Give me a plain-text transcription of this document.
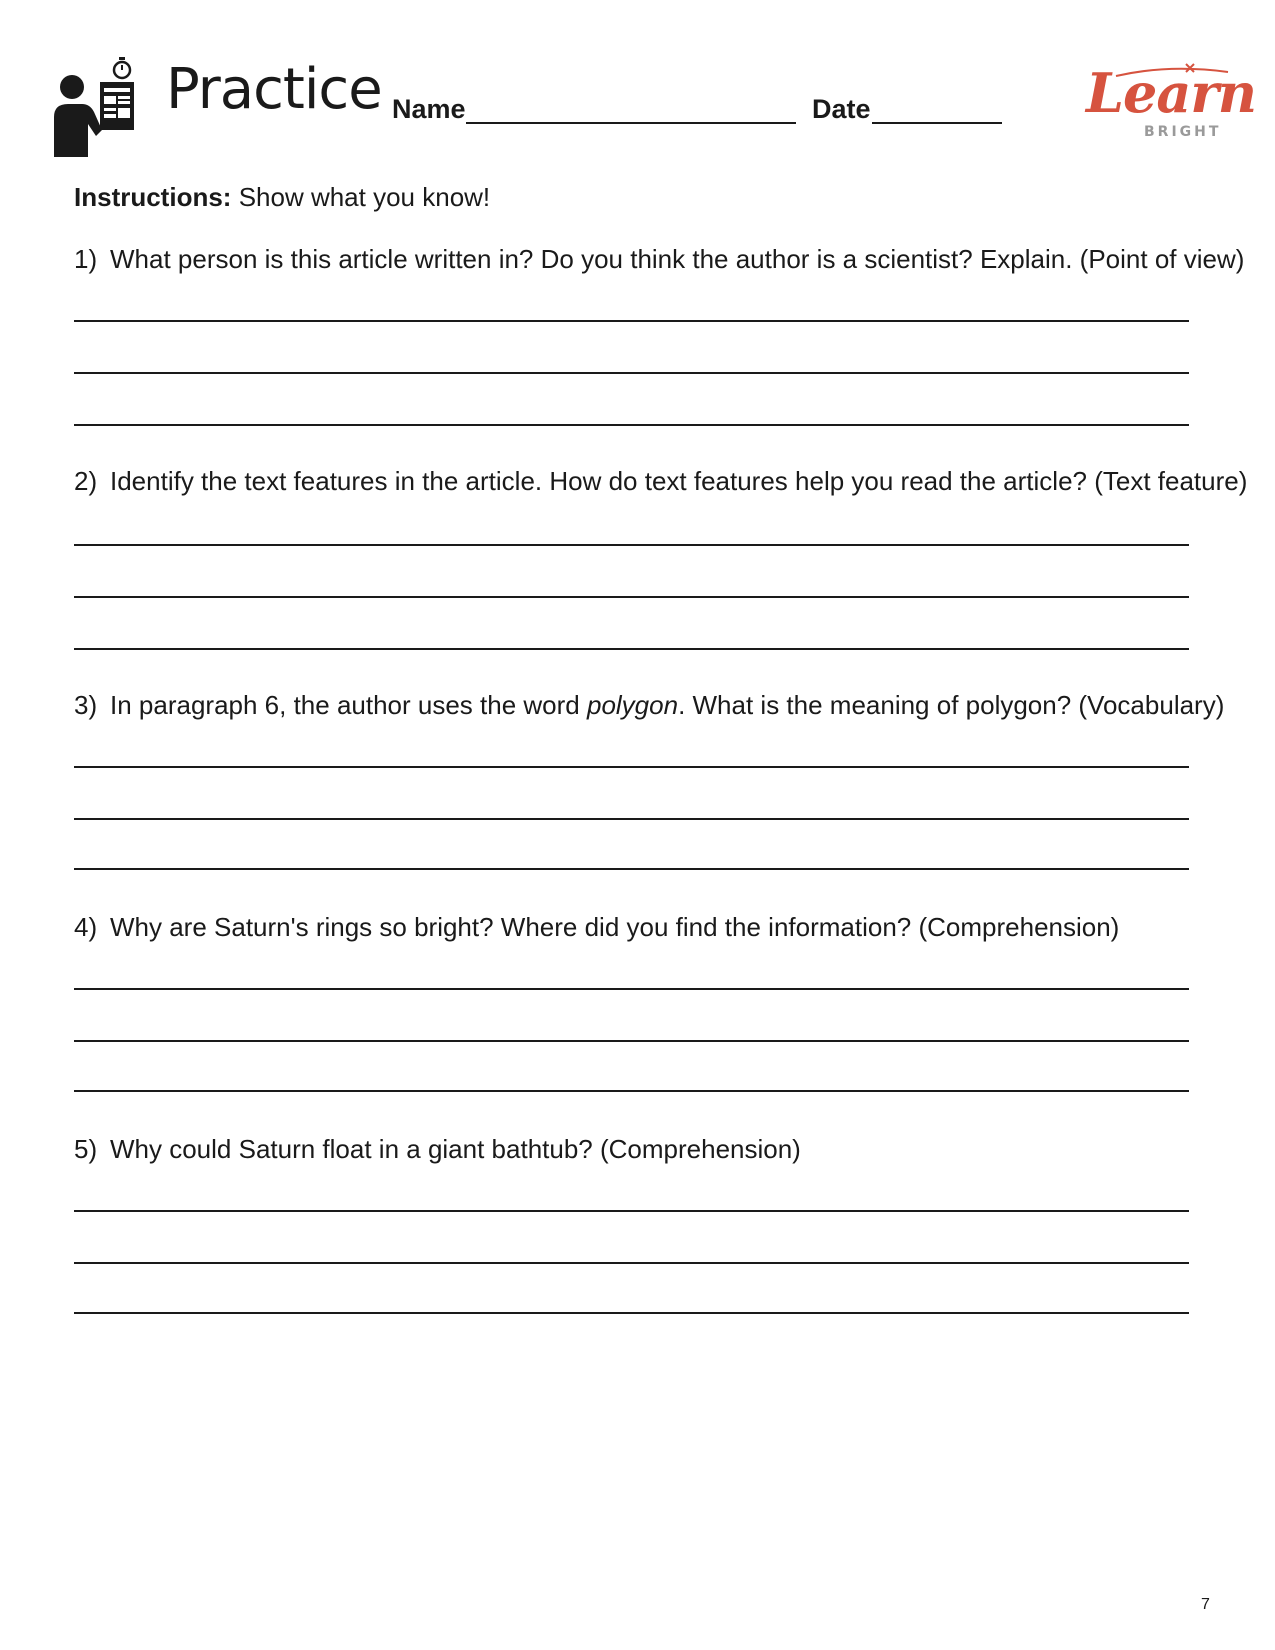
Practice Name	Date	Learn
BRIGHT
Instructions: Show what you know!
1) What person is this article written in? Do you think the author is a scientist? Explain. (Point of view)
2) Identify the text features in the article. How do text features help you read the article? (Text feature)
3) In paragraph 6, the author uses the word polygon. What is the meaning of polygon? (Vocabulary)
4) Why are Saturn's rings so bright? Where did you find the information? (Comprehension)
5) Why could Saturn float in a giant bathtub? (Comprehension)
7
